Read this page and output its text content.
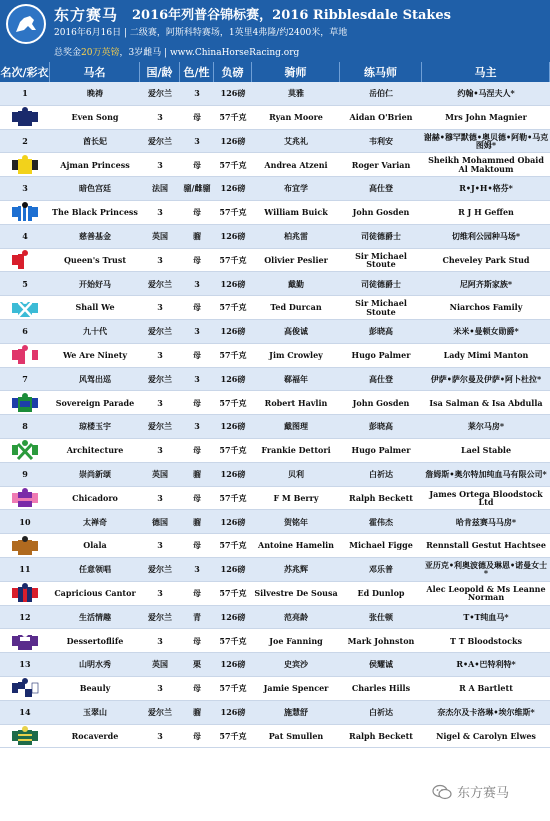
东方赛马 2016年列普谷锦标赛，2016 Ribblesdale Stakes
2016年6月16日 | 二级赛，阿斯科特赛场，1英里4弗隆/约2400米，草地
总奖金20万英镑，3岁雌马 | www.ChinaHorseRacing.org
名次/彩衣	马名	国/龄 色/性	负磅	骑师	练马师	马主
1	晚祷	爱尔兰	3	126磅	莫雅	岳伯仁	约翰•马涅夫人*
Even Song	3	母	57千克	Ryan Moore	Aidan O'Brien	Mrs John Magnier
2	酋长妃	爱尔兰	3	126磅	艾兆礼	韦利安	谢赫•穆罕默德•奥贝德•阿勒•马克图姆*
Ajman Princess	3	母	57千克	Andrea Atzeni	Roger Varian	Sheikh Mohammed Obaid Al Maktoum
3	暗色宫廷	法国	骝/雌骝	126磅	布宜学	高仕登	R•J•H•格芬*
The Black Princess	3	母	57千克	William Buick	John Gosden	R J H Geffen
4	慈善基金	英国	骝	126磅	柏兆雷	司徒德爵士	切维利公园种马场*
Queen's Trust	3	母	57千克	Olivier Peslier	Sir Michael Stoute	Cheveley Park Stud
5	开始好马	爱尔兰	3	126磅	戴勤	司徒德爵士	尼阿齐斯家族*
Shall We	3	母	57千克	Ted Durcan	Sir Michael Stoute	Niarchos Family
6	九十代	爱尔兰	3	126磅	高俊诚	彭晓高	米米•曼顿女勋爵*
We Are Ninety	3	母	57千克	Jim Crowley	Hugo Palmer	Lady Mimi Manton
7	风驾出巡	爱尔兰	3	126磅	郗福年	高仕登	伊萨•萨尔曼及伊萨•阿卜杜拉*
Sovereign Parade	3	母	57千克	Robert Havlin	John Gosden	Isa Salman & Isa Abdulla
8	琼楼玉宇	爱尔兰	3	126磅	戴图理	彭晓高	莱尔马房*
Architecture	3	母	57千克	Frankie Dettori	Hugo Palmer	Lael Stable
9	崇尚新颂	英国	骝	126磅	贝利	白祈达	詹姆斯•奥尔特加纯血马有限公司*
Chicadoro	3	母	57千克	F M Berry	Ralph Beckett	James Ortega Bloodstock Ltd
10	太禅奇	德国	骝	126磅	贺铭年	霍伟杰	哈肯兹赛马马房*
Olala	3	母	57千克	Antoine Hamelin	Michael Figge	Rennstall Gestut Hachtsee
11	任意领唱	爱尔兰	3	126磅	苏兆辉	邓乐普	亚历克•利奥波德及琳恩•诺曼女士*
Capricious Cantor	3	母	57千克 Silvestre De Sousa	Ed Dunlop	Alec Leopold & Ms Leanne Norman
12	生活情趣	爱尔兰	青	126磅	范亮龄	张仕顿	T•T纯血马*
Dessertoflife	3	母	57千克	Joe Fanning	Mark Johnston	T T Bloodstocks
13	山明水秀	英国	栗	126磅	史宾沙	侯耀诚	R•A•巴特利特*
Beauly	3	母	57千克	Jamie Spencer	Charles Hills	R A Bartlett
14	玉翠山	爱尔兰	骝	126磅	施慧舒	白祈达	奈杰尔及卡洛琳•埃尔维斯*
Rocaverde	3	母	57千克	Pat Smullen	Ralph Beckett	Nigel & Carolyn Elwes
东方赛马
